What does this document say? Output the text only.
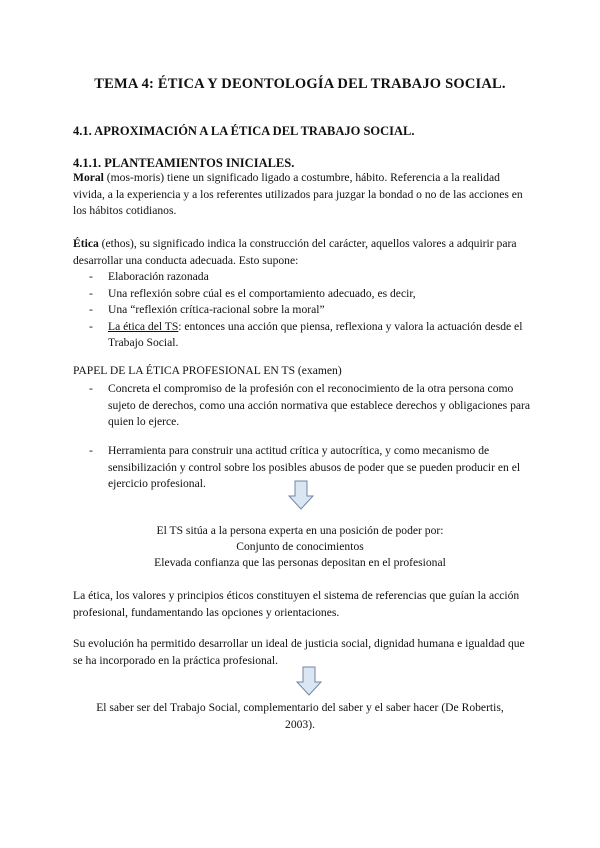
TEMA 4: ÉTICA Y DEONTOLOGÍA DEL TRABAJO SOCIAL.
4.1. APROXIMACIÓN A LA ÉTICA DEL TRABAJO SOCIAL.
4.1.1. PLANTEAMIENTOS INICIALES.
Moral (mos-moris) tiene un significado ligado a costumbre, hábito. Referencia a la realidad vivida, a la experiencia y a los referentes utilizados para juzgar la bondad o no de las acciones en los hábitos cotidianos.
Ética (ethos), su significado indica la construcción del carácter, aquellos valores a adquirir para desarrollar una conducta adecuada. Esto supone:
- Elaboración razonada
- Una reflexión sobre cúal es el comportamiento adecuado, es decir,
- Una “reflexión crítica-racional sobre la moral”
- La ética del TS: entonces una acción que piensa, reflexiona y valora la actuación desde el Trabajo Social.
PAPEL DE LA ÉTICA PROFESIONAL EN TS (examen)
- Concreta el compromiso de la profesión con el reconocimiento de la otra persona como sujeto de derechos, como una acción normativa que establece derechos y obligaciones para quien lo ejerce.
- Herramienta para construir una actitud crítica y autocrítica, y como mecanismo de sensibilización y control sobre los posibles abusos de poder que se pueden producir en el ejercicio profesional.
El TS sitúa a la persona experta en una posición de poder por:
Conjunto de conocimientos
Elevada confianza que las personas depositan en el profesional
La ética, los valores y principios éticos constituyen el sistema de referencias que guían la acción profesional, fundamentando las opciones y orientaciones.
Su evolución ha permitido desarrollar un ideal de justicia social, dignidad humana e igualdad que se ha incorporado en la práctica profesional.
El saber ser del Trabajo Social, complementario del saber y el saber hacer (De Robertis, 2003).
